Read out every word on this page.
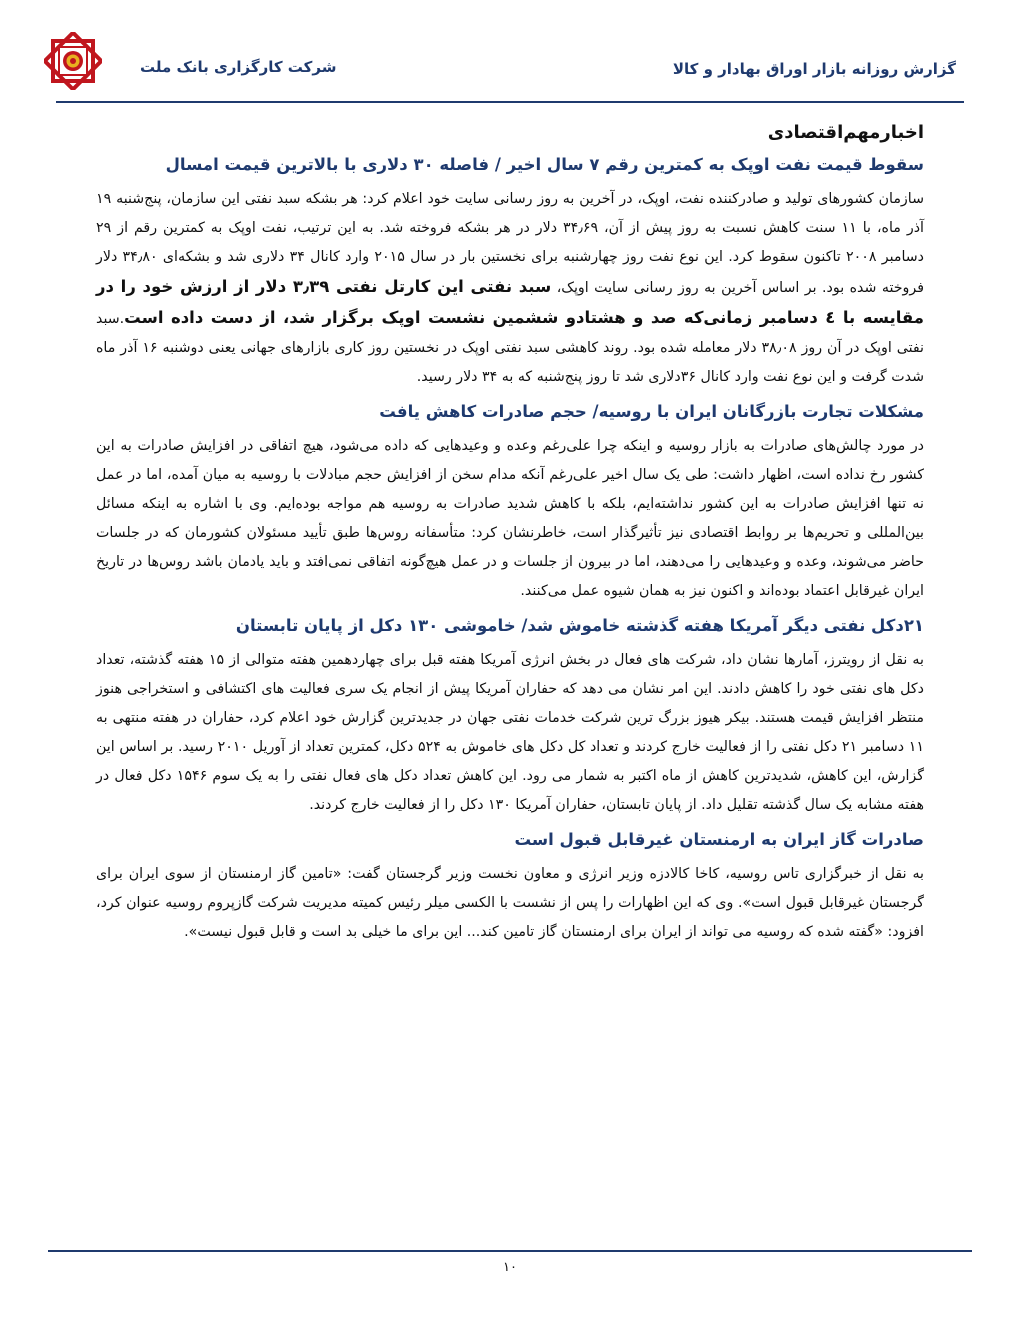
گزارش روزانه بازار اوراق بهادار و کالا
شرکت کارگزاری بانک ملت
اخبارمهم‌اقتصادی
سقوط قیمت نفت اوپک به کمترین رقم ۷ سال اخیر / فاصله ۳۰ دلاری با بالاترین قیمت امسال

سازمان کشورهای تولید و صادرکننده نفت، اوپک، در آخرین به روز رسانی سایت خود اعلام کرد: هر بشکه سبد نفتی این سازمان، پنج‌شنبه ۱۹ آذر ماه، با ۱۱ سنت کاهش نسبت به روز پیش از آن، ۳۴٫۶۹ دلار در هر بشکه فروخته شد. به این ترتیب، نفت اوپک به کمترین رقم از ۲۹ دسامبر ۲۰۰۸ تاکنون سقوط کرد. این نوع نفت روز چهارشنبه برای نخستین بار در سال ۲۰۱۵ وارد کانال ۳۴ دلاری شد و بشکه‌ای ۳۴٫۸۰ دلار فروخته شده بود. بر اساس آخرین به روز رسانی سایت اوپک، سبد نفتی این کارتل نفتی ۳٫۳۹ دلار از ارزش خود را در مقایسه با ٤ دسامبر زمانی‌که صد و هشتادو ششمین نشست اوپک برگزار شد، از دست داده است.سبد نفتی اوپک در آن روز ۳۸٫۰۸ دلار معامله شده بود. روند کاهشی سبد نفتی اوپک در نخستین روز کاری بازارهای جهانی یعنی دوشنبه ۱۶ آذر ماه شدت گرفت و این نوع نفت وارد کانال ۳۶دلاری شد تا روز پنج‌شنبه که به ۳۴ دلار رسید.

مشکلات تجارت بازرگانان ایران با روسیه/ حجم صادرات کاهش یافت

در مورد چالش‌های صادرات به بازار روسیه و اینکه چرا علی‌رغم وعده و وعیدهایی که داده می‌شود، هیچ اتفاقی در افزایش صادرات به این کشور رخ نداده است، اظهار داشت: طی یک سال اخیر علی‌رغم آنکه مدام سخن از افزایش حجم مبادلات با روسیه به میان آمده، اما در عمل نه تنها افزایش صادرات به این کشور نداشته‌ایم، بلکه با کاهش شدید صادرات به روسیه هم مواجه بوده‌ایم. وی با اشاره به اینکه مسائل بین‌المللی و تحریم‌ها بر روابط اقتصادی نیز تأثیرگذار است، خاطرنشان کرد: متأسفانه روس‌ها طبق تأیید مسئولان کشورمان که در جلسات حاضر می‌شوند، وعده و وعیدهایی را می‌دهند، اما در بیرون از جلسات و در عمل هیچ‌گونه اتفاقی نمی‌افتد و باید یادمان باشد روس‌ها در تاریخ ایران غیرقابل اعتماد بوده‌اند و اکنون نیز به همان شیوه عمل می‌کنند.

۲۱دکل نفتی دیگر آمریکا هفته گذشته خاموش شد/ خاموشی ۱۳۰ دکل از پایان تابستان

به نقل از رویترز، آمارها نشان داد، شرکت های فعال در بخش انرژی آمریکا هفته قبل برای چهاردهمین هفته متوالی از ۱۵ هفته گذشته، تعداد دکل های نفتی خود را کاهش دادند. این امر نشان می دهد که حفاران آمریکا پیش از انجام یک سری فعالیت های اکتشافی و استخراجی هنوز منتظر افزایش قیمت هستند. بیکر هیوز بزرگ ترین شرکت خدمات نفتی جهان در جدیدترین گزارش خود اعلام کرد، حفاران در هفته منتهی به ۱۱ دسامبر ۲۱ دکل نفتی را از فعالیت خارج کردند و تعداد کل دکل های خاموش به ۵۲۴ دکل، کمترین تعداد از آوریل ۲۰۱۰ رسید. بر اساس این گزارش، این کاهش، شدیدترین کاهش از ماه اکتبر به شمار می رود. این کاهش تعداد دکل های فعال نفتی را به یک سوم ۱۵۴۶ دکل فعال در هفته مشابه یک سال گذشته تقلیل داد. از پایان تابستان، حفاران آمریکا ۱۳۰ دکل را از فعالیت خارج کردند.

صادرات گاز ایران به ارمنستان غیرقابل قبول است

به نقل از خبرگزاری تاس روسیه، کاخا کالادزه وزیر انرژی و معاون نخست وزیر گرجستان گفت: «تامین گاز ارمنستان از سوی ایران برای گرجستان غیرقابل قبول است». وی که این اظهارات را پس از نشست با الکسی میلر رئیس کمیته مدیریت شرکت گازپروم روسیه عنوان کرد، افزود: «گفته شده که روسیه می تواند از ایران برای ارمنستان گاز تامین کند... این برای ما خیلی بد است و قابل قبول نیست».

۱۰
